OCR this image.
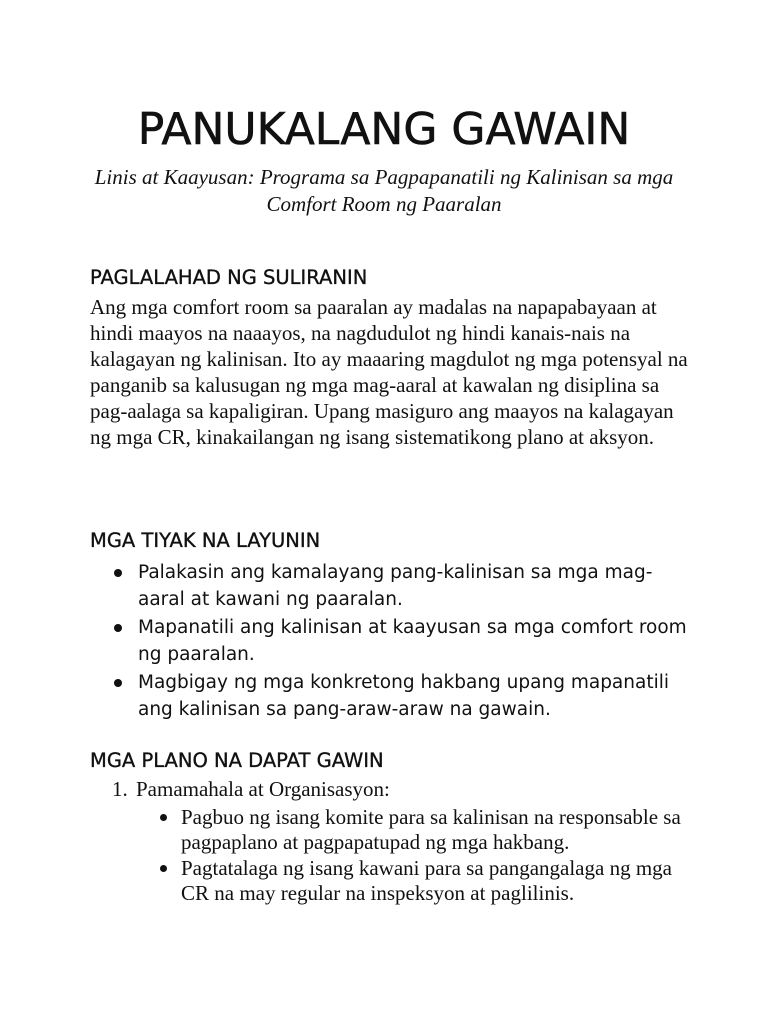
PANUKALANG GAWAIN

Linis at Kaayusan: Programa sa Pagpapanatili ng Kalinisan sa mga Comfort Room ng Paaralan

PAGLALAHAD NG SULIRANIN

Ang mga comfort room sa paaralan ay madalas na napapabayaan at hindi maayos na naaayos, na nagdudulot ng hindi kanais-nais na kalagayan ng kalinisan. Ito ay maaaring magdulot ng mga potensyal na panganib sa kalusugan ng mga mag-aaral at kawalan ng disiplina sa pag-aalaga sa kapaligiran. Upang masiguro ang maayos na kalagayan ng mga CR, kinakailangan ng isang sistematikong plano at aksyon.

MGA TIYAK NA LAYUNIN
Palakasin ang kamalayang pang-kalinisan sa mga mag-aaral at kawani ng paaralan.
Mapanatili ang kalinisan at kaayusan sa mga comfort room ng paaralan.
Magbigay ng mga konkretong hakbang upang mapanatili ang kalinisan sa pang-araw-araw na gawain.
MGA PLANO NA DAPAT GAWIN
1. Pamamahala at Organisasyon:
Pagbuo ng isang komite para sa kalinisan na responsable sa pagpaplano at pagpapatupad ng mga hakbang.
Pagtatalaga ng isang kawani para sa pangangalaga ng mga CR na may regular na inspeksyon at paglilinis.
